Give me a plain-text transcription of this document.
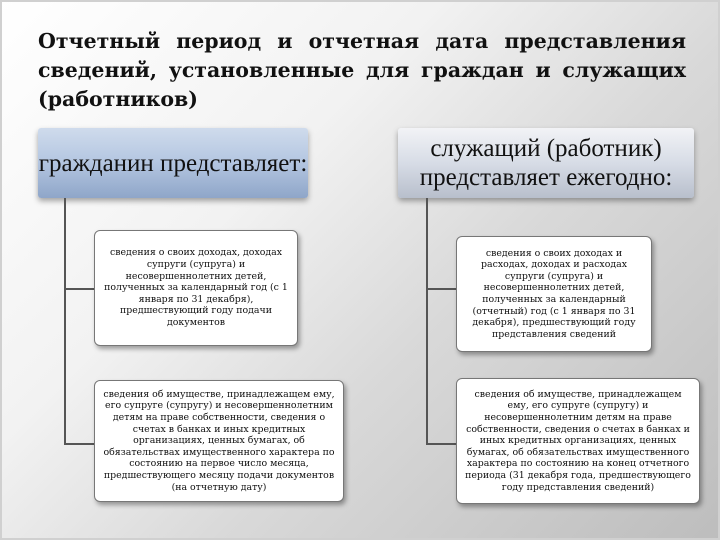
Отчетный период и отчетная дата представления сведений, установленные для граждан и служащих (работников)
гражданин представляет:
сведения о своих доходах, доходах супруги (супруга) и несовершеннолетних детей, полученных за календарный год (с 1 января по 31 декабря), предшествующий году подачи документов
сведения об имуществе, принадлежащем ему, его супруге (супругу) и несовершеннолетним детям на праве собственности, сведения о счетах в банках и иных кредитных организациях, ценных бумагах, об обязательствах имущественного характера по состоянию на первое число месяца, предшествующего месяцу подачи документов (на отчетную дату)
служащий (работник) представляет ежегодно:
сведения о своих доходах и расходах, доходах и расходах супруги (супруга) и несовершеннолетних детей, полученных за календарный (отчетный) год (с 1 января по 31 декабря), предшествующий году представления сведений
сведения об имуществе, принадлежащем ему, его супруге (супругу) и несовершеннолетним детям на праве собственности, сведения о счетах в банках и иных кредитных организациях, ценных бумагах, об обязательствах имущественного характера по состоянию на конец отчетного периода (31 декабря года, предшествующего году представления сведений)
